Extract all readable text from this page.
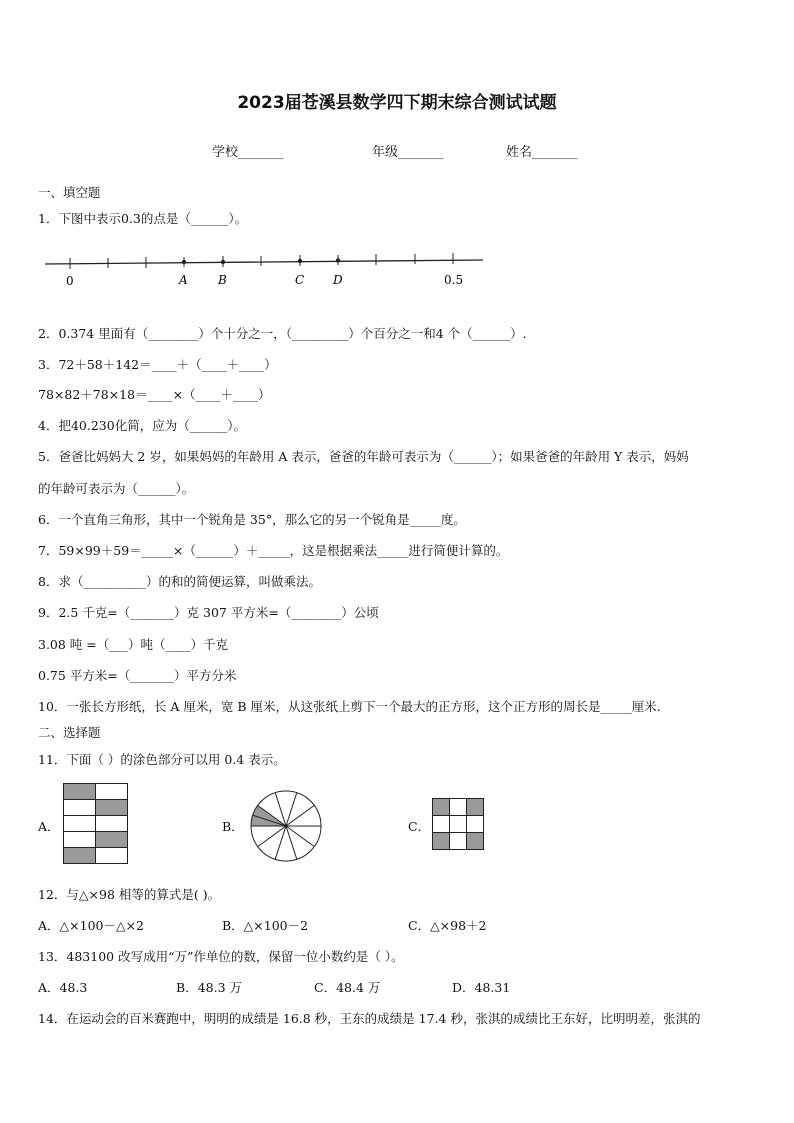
2023届苍溪县数学四下期末综合测试试题
学校_______	年级_______	姓名_______
一、填空题
1．下图中表示0.3的点是（______）。
0	A	B	C D	0.5
2．0.374 里面有（________）个十分之一，（_________）个百分之一和4 个（______）.
3．72＋58＋142＝____＋（____＋____）
78×82＋78×18＝____×（____＋____）
4．把40.230化简，应为（______）。
5．爸爸比妈妈大 2 岁，如果妈妈的年龄用 A 表示，爸爸的年龄可表示为（______）；如果爸爸的年龄用 Y 表示，妈妈
的年龄可表示为（______）。
6．一个直角三角形，其中一个锐角是 35°，那么它的另一个锐角是_____度。
7．59×99＋59＝_____×（______）＋_____，这是根据乘法_____进行简便计算的。
8．求（__________）的和的简便运算，叫做乘法。
9．2.5 千克=（_______）克 307 平方米=（________）公顷
3.08 吨 =（___）吨（____）千克
0.75 平方米=（_______）平方分米
10．一张长方形纸，长 A 厘米，宽 B 厘米，从这张纸上剪下一个最大的正方形，这个正方形的周长是_____厘米.
二、选择题
11．下面（ ）的涂色部分可以用 0.4 表示。
A．	B．	C．
12．与△×98 相等的算式是( )。
A．△×100－△×2	B．△×100－2	C．△×98＋2
13．483100 改写成用“万”作单位的数，保留一位小数约是（ ）。
A．48.3	B．48.3 万	C．48.4 万	D．48.31
14．在运动会的百米赛跑中，明明的成绩是 16.8 秒，王东的成绩是 17.4 秒，张淇的成绩比王东好，比明明差，张淇的
